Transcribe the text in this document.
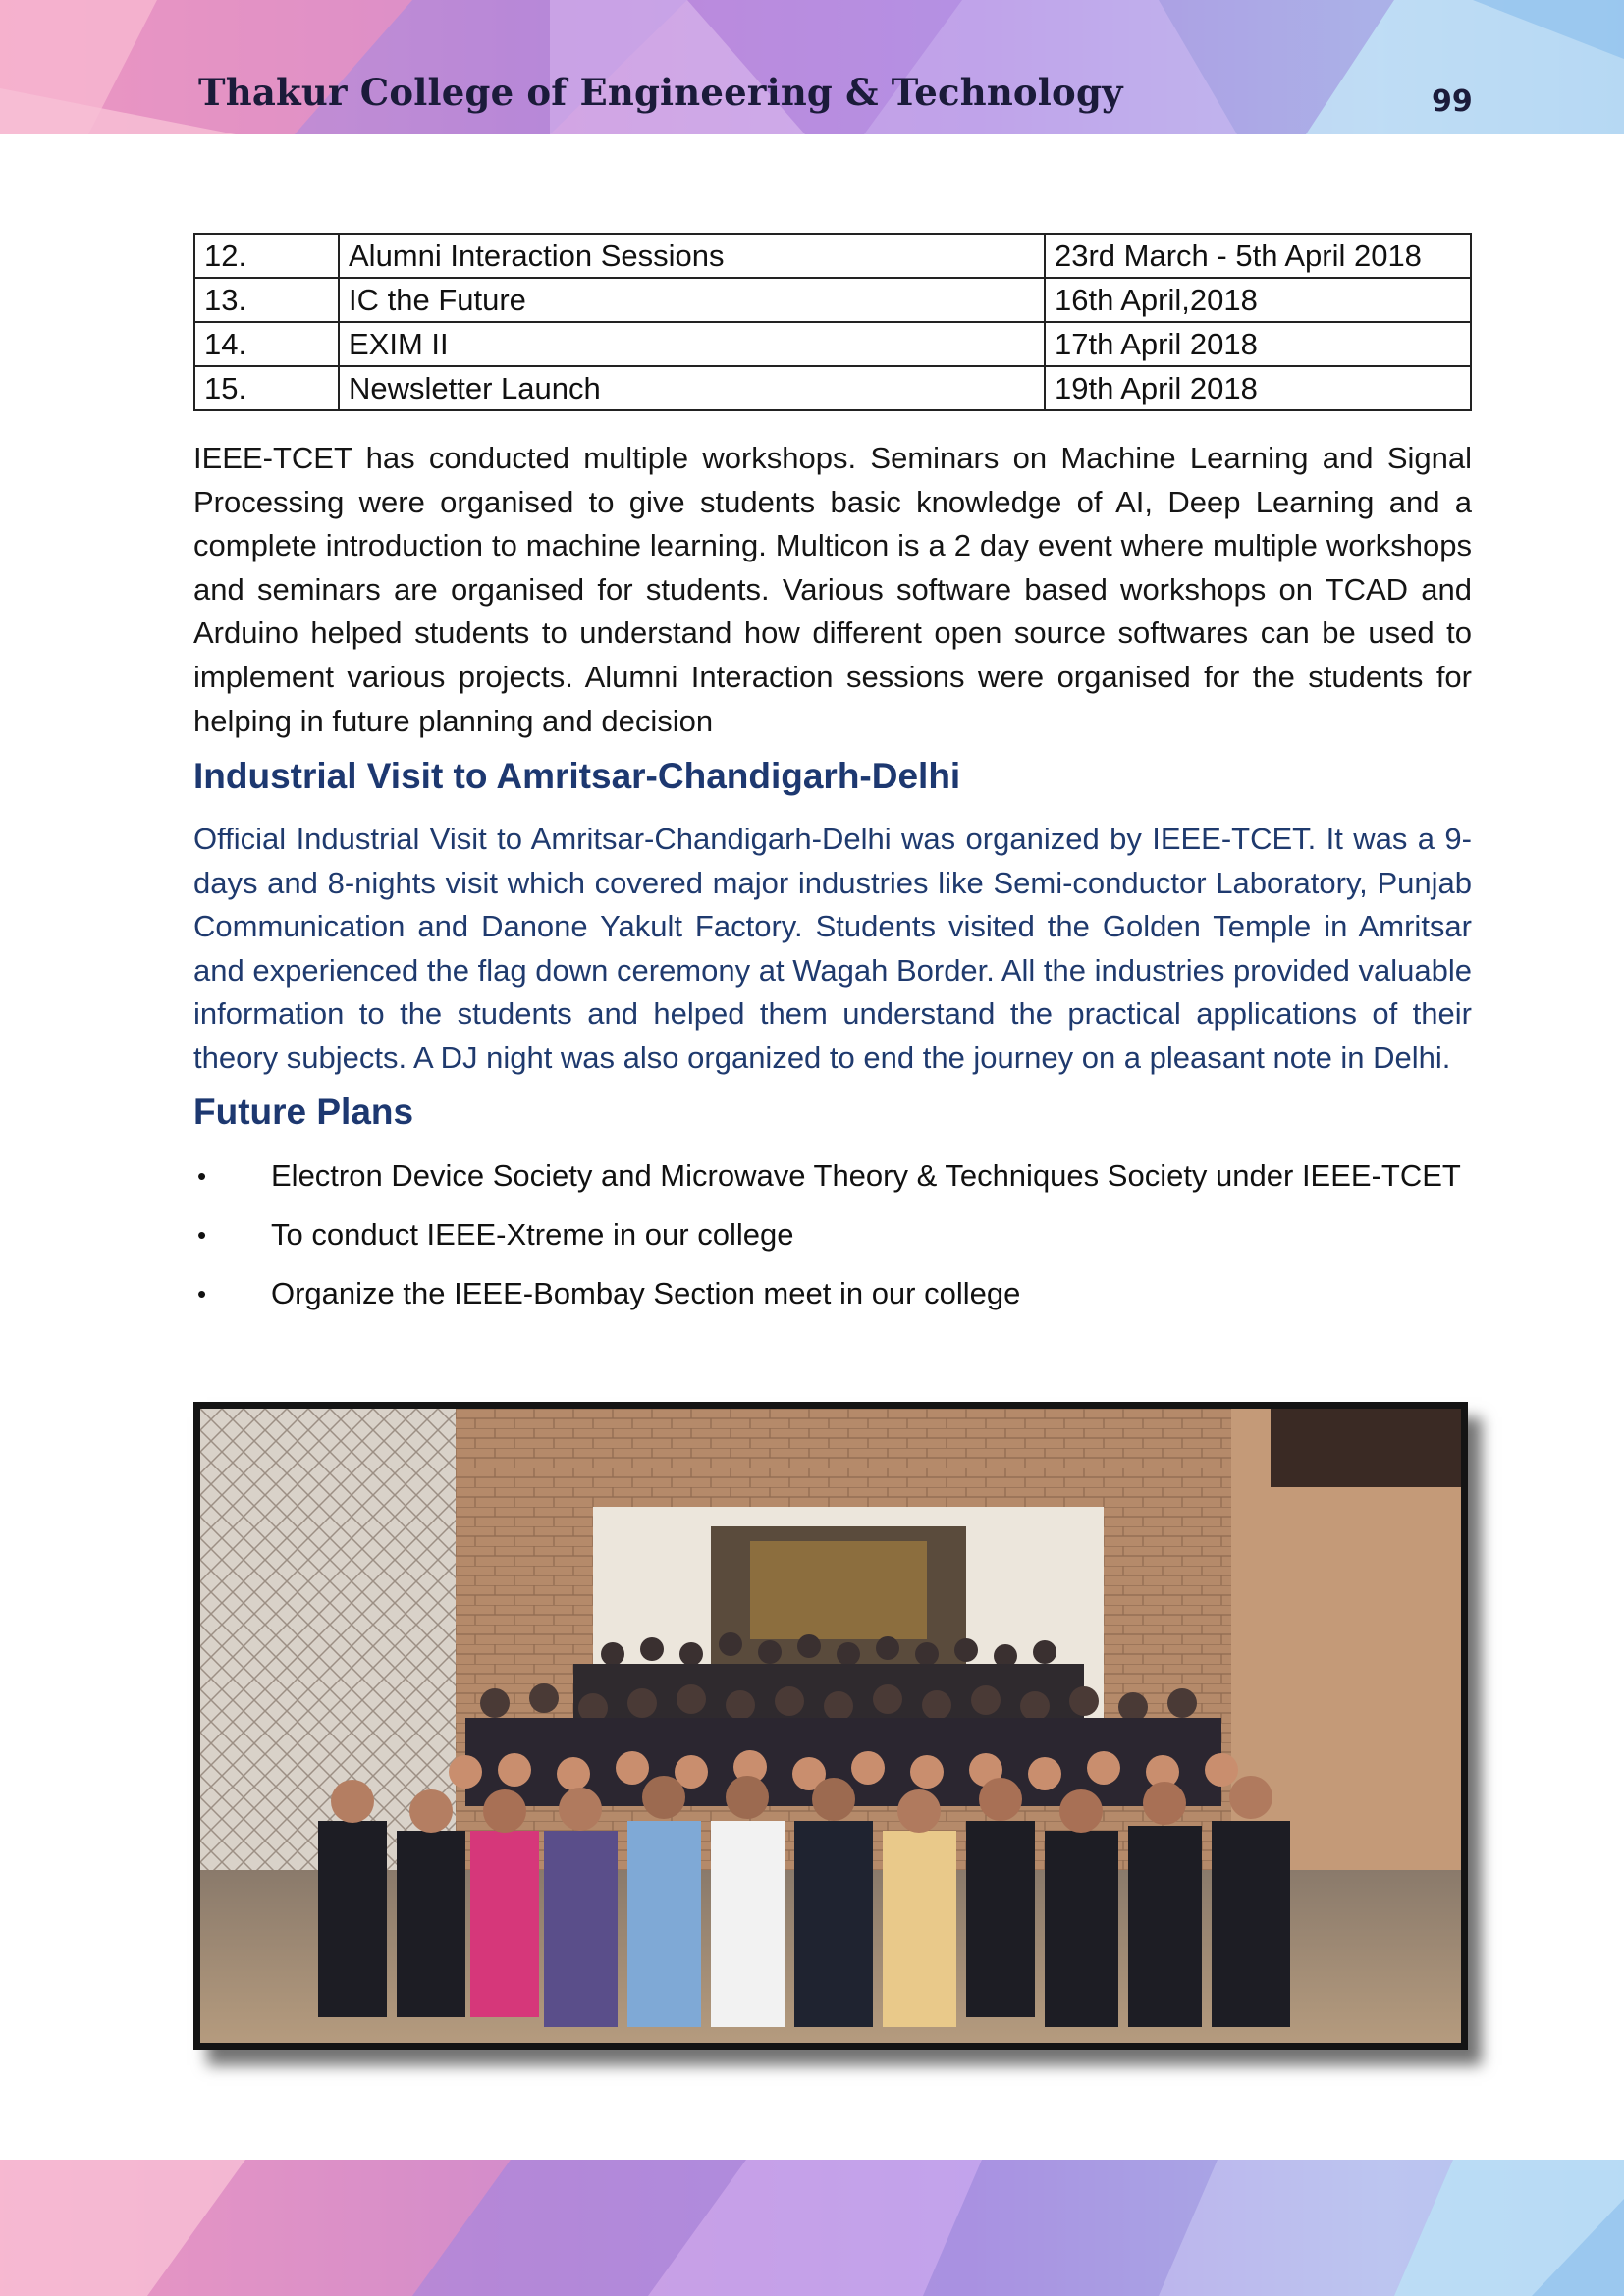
Thakur College of Engineering & Technology	99
12.	Alumni Interaction Sessions	23rd March - 5th April 2018
13.	IC the Future	16th April,2018
14.	EXIM II	17th April 2018
15.	Newsletter Launch	19th April 2018

IEEE-TCET has conducted multiple workshops. Seminars on Machine Learning and Signal Processing were organised to give students basic knowledge of AI, Deep Learning and a complete introduction to machine learning. Multicon is a 2 day event where multiple workshops and seminars are organised for students. Various software based workshops on TCAD and Arduino helped students to understand how different open source softwares can be used to implement various projects. Alumni Interaction sessions were organised for the students for helping in future planning and decision

Industrial Visit to Amritsar-Chandigarh-Delhi

Official Industrial Visit to Amritsar-Chandigarh-Delhi was organized by IEEE-TCET. It was a 9-days and 8-nights visit which covered major industries like Semi-conductor Laboratory, Punjab Communication and Danone Yakult Factory. Students visited the Golden Temple in Amritsar and experienced the flag down ceremony at Wagah Border. All the industries provided valuable information to the students and helped them understand the practical applications of their theory subjects. A DJ night was also organized to end the journey on a pleasant note in Delhi.

Future Plans
• Electron Device Society and Microwave Theory & Techniques Society under IEEE-TCET
• To conduct IEEE-Xtreme in our college
• Organize the IEEE-Bombay Section meet in our college
